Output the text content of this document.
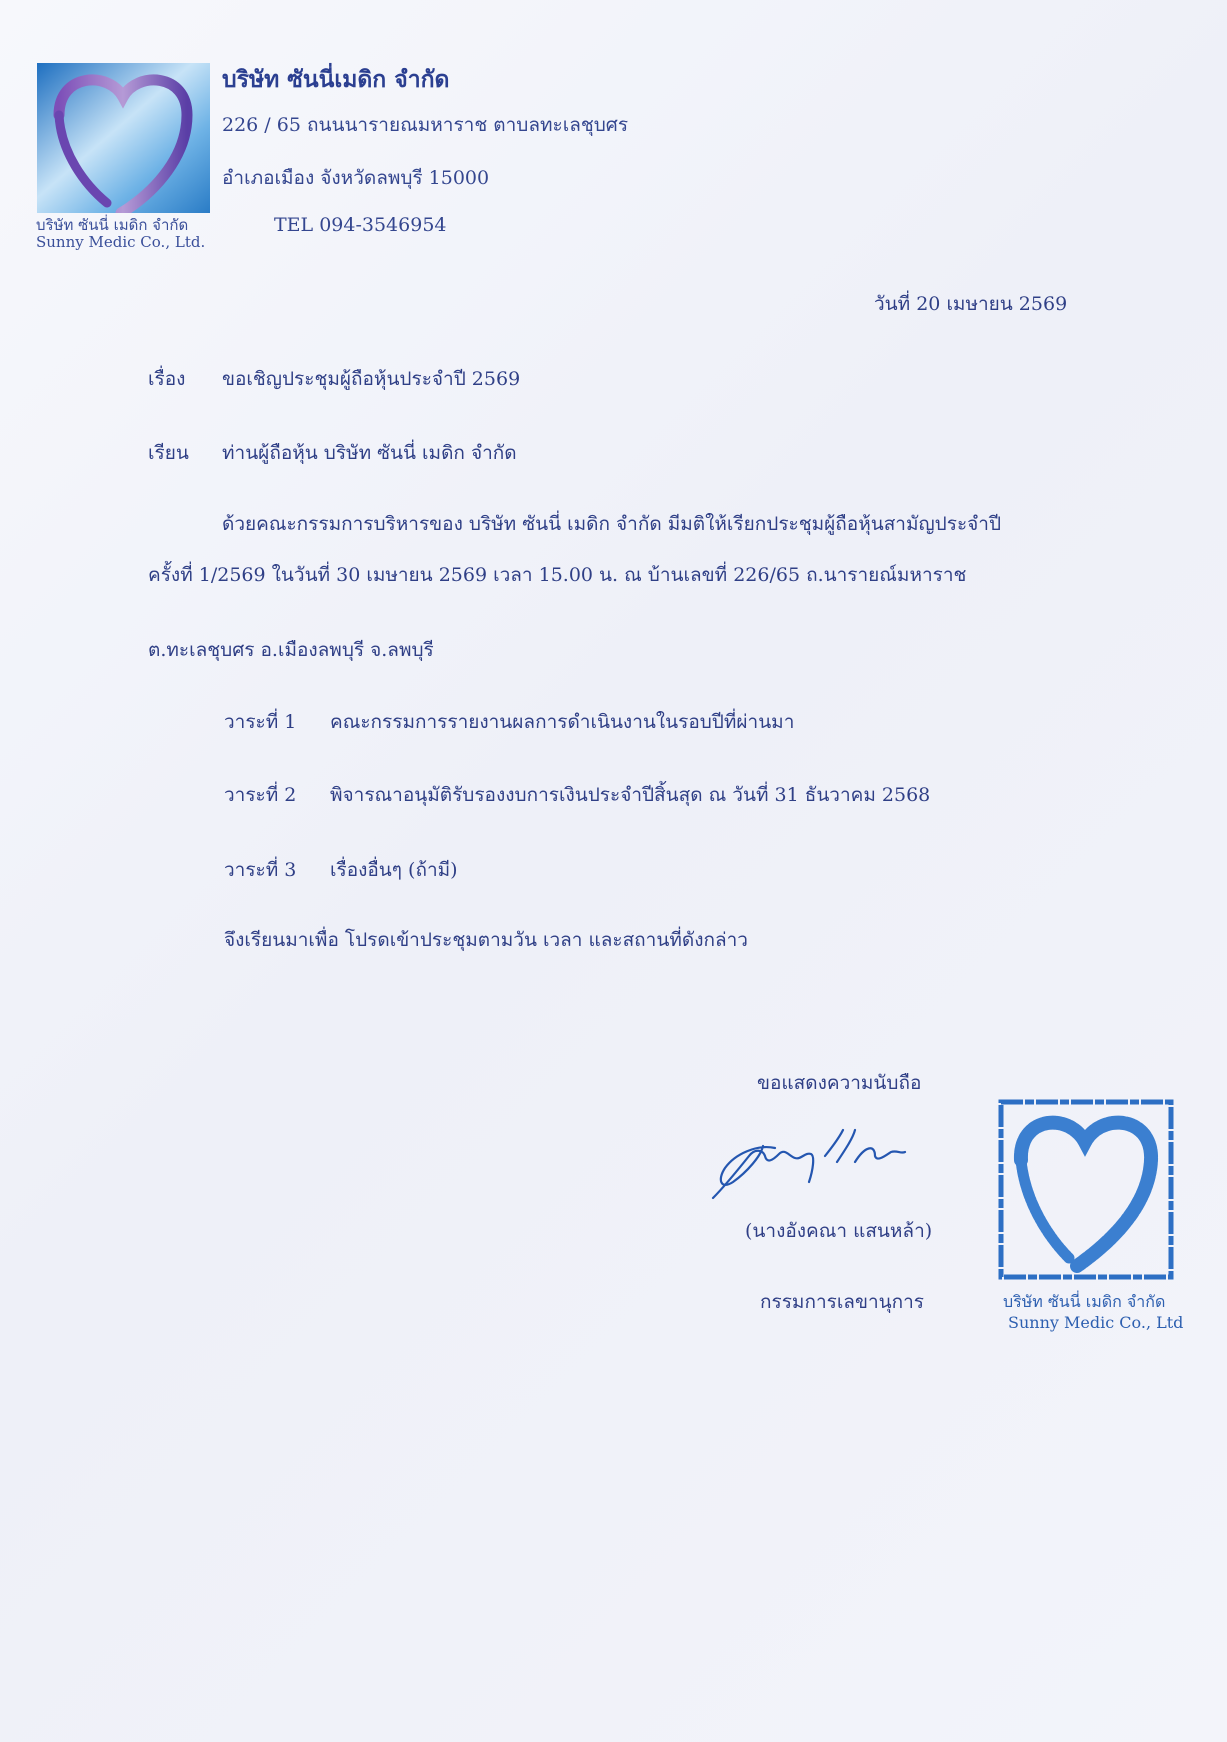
บริษัท ซันนี่ เมดิก จำกัด
Sunny Medic Co., Ltd.
บริษัท ซันนี่เมดิก จำกัด
226 / 65 ถนนนารายณมหาราช ตาบลทะเลชุบศร
อำเภอเมือง จังหวัดลพบุรี 15000
TEL 094-3546954
วันที่ 20 เมษายน 2569
เรื่อง ขอเชิญประชุมผู้ถือหุ้นประจำปี 2569
เรียน ท่านผู้ถือหุ้น บริษัท ซันนี่ เมดิก จำกัด
ด้วยคณะกรรมการบริหารของ บริษัท ซันนี่ เมดิก จำกัด มีมติให้เรียกประชุมผู้ถือหุ้นสามัญประจำปี
ครั้งที่ 1/2569 ในวันที่ 30 เมษายน 2569 เวลา 15.00 น. ณ บ้านเลขที่ 226/65 ถ.นารายณ์มหาราช
ต.ทะเลชุบศร อ.เมืองลพบุรี จ.ลพบุรี
วาระที่ 1 คณะกรรมการรายงานผลการดำเนินงานในรอบปีที่ผ่านมา
วาระที่ 2 พิจารณาอนุมัติรับรองงบการเงินประจำปีสิ้นสุด ณ วันที่ 31 ธันวาคม 2568
วาระที่ 3 เรื่องอื่นๆ (ถ้ามี)
จึงเรียนมาเพื่อ โปรดเข้าประชุมตามวัน เวลา และสถานที่ดังกล่าว
ขอแสดงความนับถือ
(นางอังคณา แสนหล้า)
กรรมการเลขานุการ	บริษัท ซันนี่ เมดิก จำกัด
Sunny Medic Co., Ltd
